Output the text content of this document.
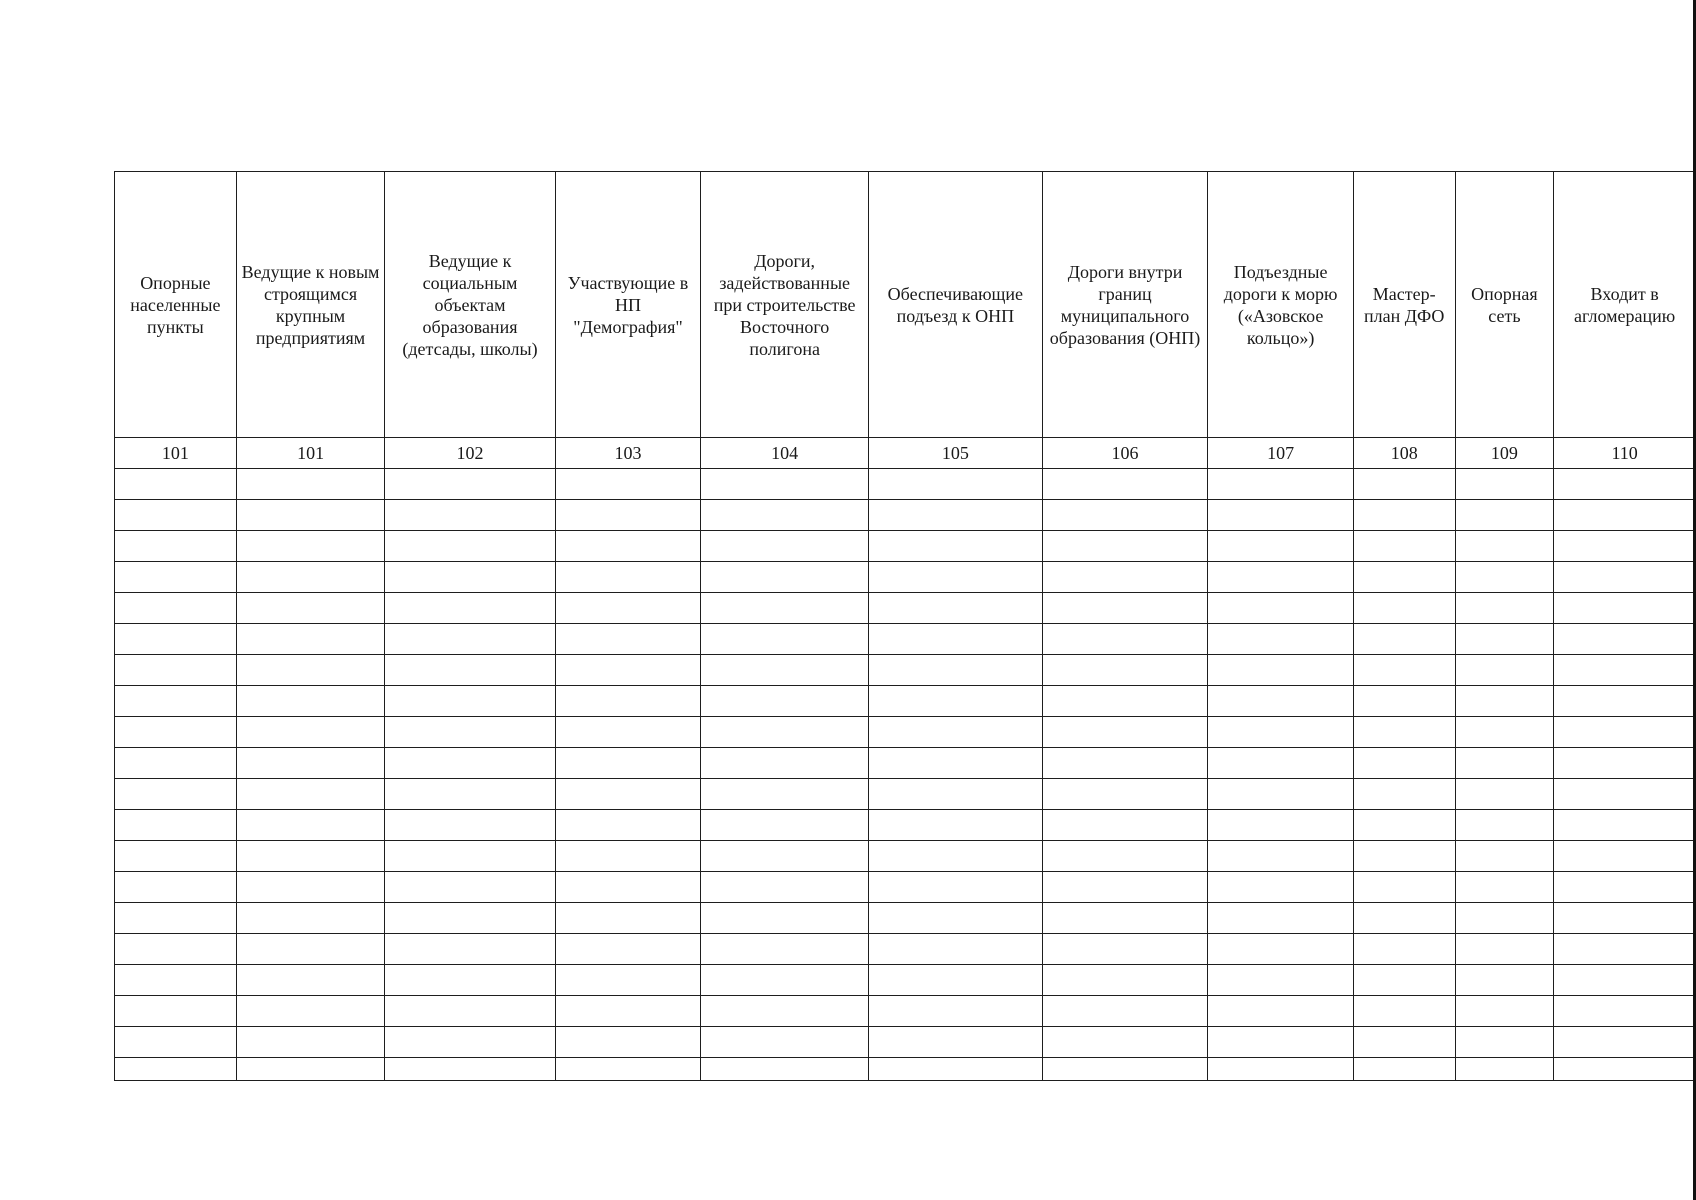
Опорные населенные пункты	Ведущие к новым строящимся крупным предприятиям	Ведущие к социальным объектам образования (детсады, школы)	Участвующие в НП "Демография"	Дороги, задействованные при строительстве Восточного полигона	Обеспечивающие подъезд к ОНП	Дороги внутри границ муниципального образования (ОНП)	Подъездные дороги к морю («Азовское кольцо»)	Мастер-план ДФО	Опорная сеть	Входит в агломерацию
101	101	102	103	104	105	106	107	108	109	110
